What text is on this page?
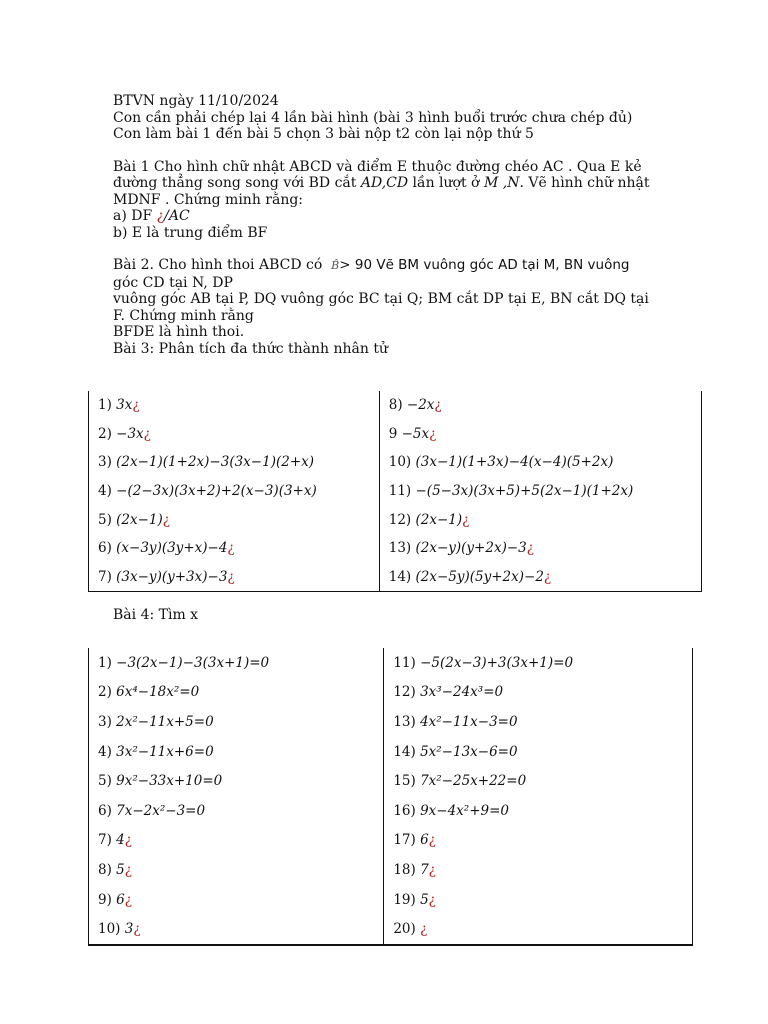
BTVN ngày 11/10/2024

Con cần phải chép lại 4 lần bài hình (bài 3 hình buổi trước chưa chép đủ)

Con làm bài 1 đến bài 5 chọn 3 bài nộp t2 còn lại nộp thứ 5

Bài 1 Cho hình chữ nhật ABCD và điểm E thuộc đường chéo AC . Qua E kẻ

đường thẳng song song với BD cắt AD,CD lần lượt ở M ,N. Vẽ hình chữ nhật

MDNF . Chứng minh rằng:

a) DF ¿/AC

b) E là trung điểm BF

Bài 2. Cho hình thoi ABCD có  B̂> 90 Vẽ BM vuông góc AD tại M, BN vuông

góc CD tại N, DP

vuông góc AB tại P, DQ vuông góc BC tại Q; BM cắt DP tại E, BN cắt DQ tại

F. Chứng minh rằng

BFDE là hình thoi.

Bài 3: Phân tích đa thức thành nhân tử

1) 3x¿	8) −2x¿
2) −3x¿	9 −5x¿
3) (2x−1)(1+2x)−3(3x−1)(2+x)	10) (3x−1)(1+3x)−4(x−4)(5+2x)
4) −(2−3x)(3x+2)+2(x−3)(3+x)	11) −(5−3x)(3x+5)+5(2x−1)(1+2x)
5) (2x−1)¿	12) (2x−1)¿
6) (x−3y)(3y+x)−4¿	13) (2x−y)(y+2x)−3¿
7) (3x−y)(y+3x)−3¿	14) (2x−5y)(5y+2x)−2¿
Bài 4: Tìm x
1) −3(2x−1)−3(3x+1)=0	11) −5(2x−3)+3(3x+1)=0
2) 6x⁴−18x²=0	12) 3x³−24x³=0
3) 2x²−11x+5=0	13) 4x²−11x−3=0
4) 3x²−11x+6=0	14) 5x²−13x−6=0
5) 9x²−33x+10=0	15) 7x²−25x+22=0
6) 7x−2x²−3=0	16) 9x−4x²+9=0
7) 4¿	17) 6¿
8) 5¿	18) 7¿
9) 6¿	19) 5¿
10) 3¿	20) ¿
